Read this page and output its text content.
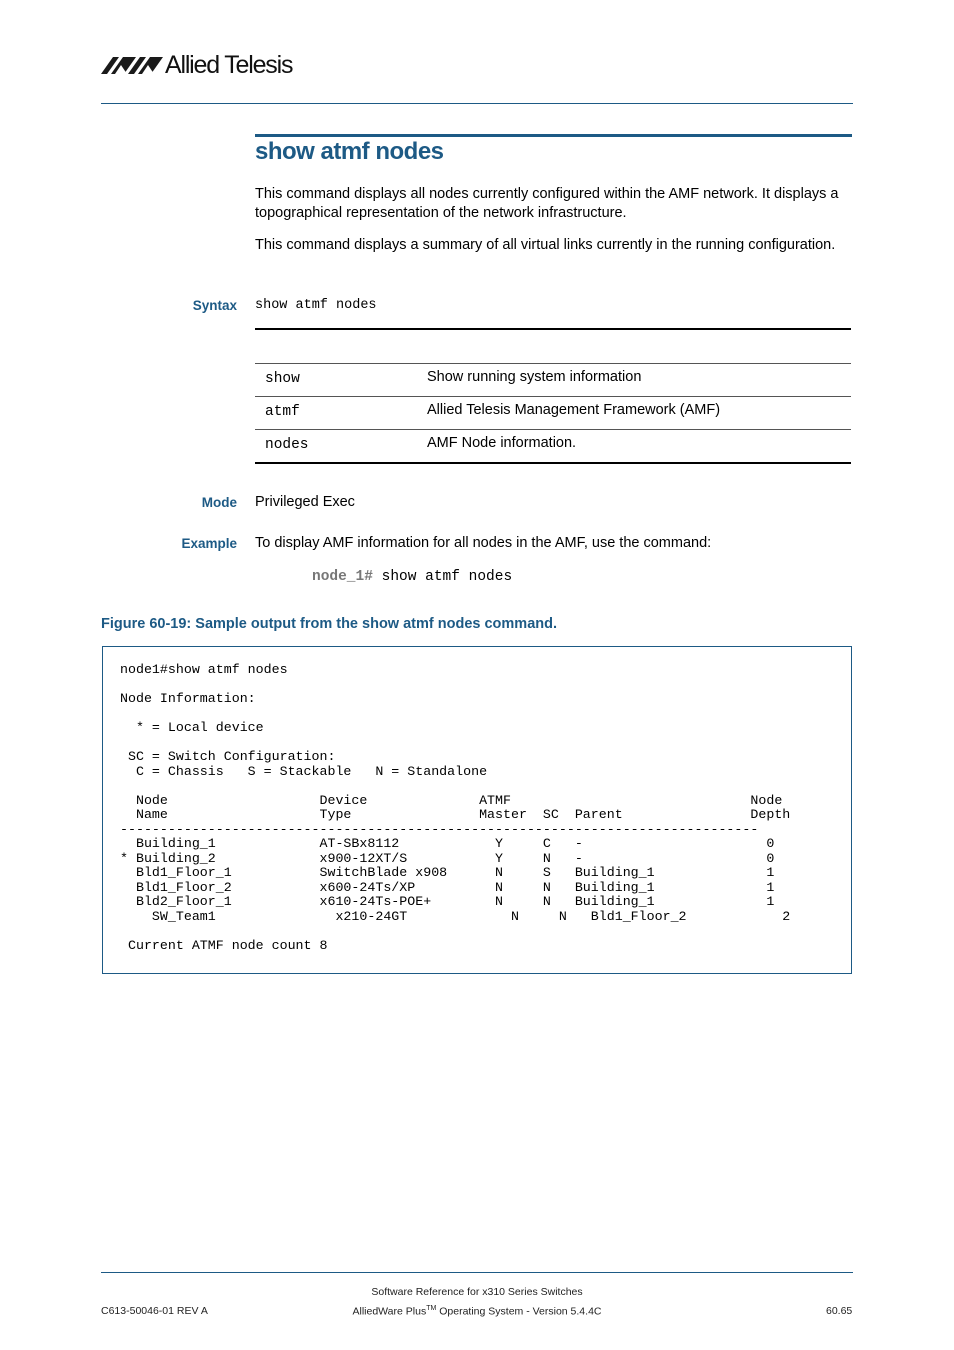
Allied Telesis
show atmf nodes
This command displays all nodes currently configured within the AMF network. It displays a topographical representation of the network infrastructure.
This command displays a summary of all virtual links currently in the running configuration.
Syntax show atmf nodes
show	Show running system information
atmf	Allied Telesis Management Framework (AMF)
nodes	AMF Node information.
Mode Privileged Exec
Example To display AMF information for all nodes in the AMF, use the command:
node_1# show atmf nodes
Figure 60-19: Sample output from the show atmf nodes command.
node1#show atmf nodes

Node Information:

* = Local device

SC = Switch Configuration:
C = Chassis   S = Stackable   N = Standalone

Node                   Device              ATMF                              Node
Name                   Type                Master  SC  Parent                Depth
--------------------------------------------------------------------------------
Building_1             AT-SBx8112            Y     C   -                       0
* Building_2             x900-12XT/S           Y     N   -                       0
Bld1_Floor_1           SwitchBlade x908      N     S   Building_1              1
Bld1_Floor_2           x600-24Ts/XP          N     N   Building_1              1
Bld2_Floor_1           x610-24Ts-POE+        N     N   Building_1              1
SW_Team1               x210-24GT             N     N   Bld1_Floor_2            2

Current ATMF node count 8
Software Reference for x310 Series Switches
C613-50046-01 REV A	AlliedWare Plus™ Operating System - Version 5.4.4C	60.65
